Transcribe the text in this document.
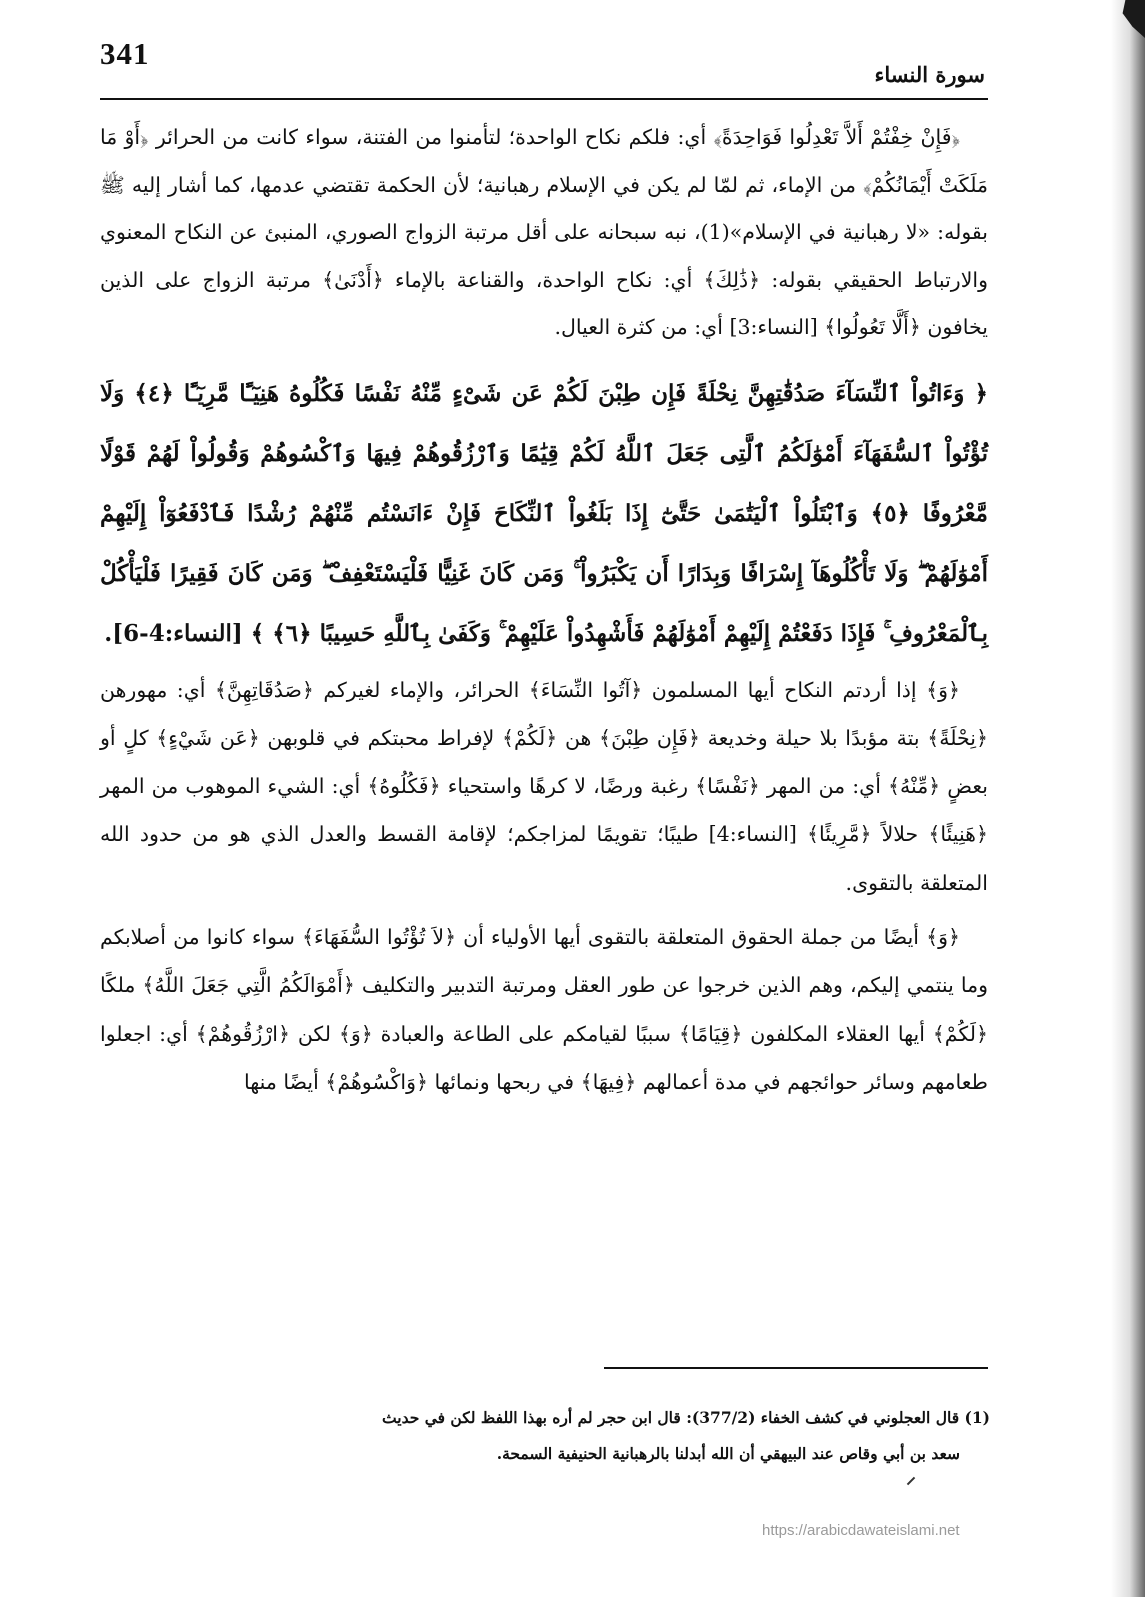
341
سورة النساء

﴿فَإِنْ خِفْتُمْ أَلاَّ تَعْدِلُوا فَوَاحِدَةً﴾ أي: فلكم نكاح الواحدة؛ لتأمنوا من الفتنة، سواء كانت من الحرائر ﴿أَوْ مَا مَلَكَتْ أَيْمَانُكُمْ﴾ من الإماء، ثم لمّا لم يكن في الإسلام رهبانية؛ لأن الحكمة تقتضي عدمها، كما أشار إليه ﷺ بقوله: «لا رهبانية في الإسلام»(1)، نبه سبحانه على أقل مرتبة الزواج الصوري، المنبئ عن النكاح المعنوي والارتباط الحقيقي بقوله: ﴿ذَٰلِكَ﴾ أي: نكاح الواحدة، والقناعة بالإماء ﴿أَدْنَىٰ﴾ مرتبة الزواج على الذين يخافون ﴿أَلَّا تَعُولُوا﴾ [النساء:3] أي: من كثرة العيال.

﴿ وَءَاتُواْ ٱلنِّسَآءَ صَدُقَٰتِهِنَّ نِحْلَةً فَإِن طِبْنَ لَكُمْ عَن شَىْءٍ مِّنْهُ نَفْسًا فَكُلُوهُ هَنِيٓـًٔا مَّرِيٓـًٔا ﴿٤﴾ وَلَا تُؤْتُواْ ٱلسُّفَهَآءَ أَمْوَٰلَكُمُ ٱلَّتِى جَعَلَ ٱللَّهُ لَكُمْ قِيَٰمًا وَٱرْزُقُوهُمْ فِيهَا وَٱكْسُوهُمْ وَقُولُواْ لَهُمْ قَوْلًا مَّعْرُوفًا ﴿٥﴾ وَٱبْتَلُواْ ٱلْيَتَٰمَىٰ حَتَّىٰٓ إِذَا بَلَغُواْ ٱلنِّكَاحَ فَإِنْ ءَانَسْتُم مِّنْهُمْ رُشْدًا فَٱدْفَعُوٓاْ إِلَيْهِمْ أَمْوَٰلَهُمْ ۖ وَلَا تَأْكُلُوهَآ إِسْرَافًا وَبِدَارًا أَن يَكْبَرُواْ ۚ وَمَن كَانَ غَنِيًّا فَلْيَسْتَعْفِفْ ۖ وَمَن كَانَ فَقِيرًا فَلْيَأْكُلْ بِٱلْمَعْرُوفِ ۚ فَإِذَا دَفَعْتُمْ إِلَيْهِمْ أَمْوَٰلَهُمْ فَأَشْهِدُواْ عَلَيْهِمْ ۚ وَكَفَىٰ بِٱللَّهِ حَسِيبًا ﴿٦﴾ ﴾ [النساء:4-6].

﴿وَ﴾ إذا أردتم النكاح أيها المسلمون ﴿آتُوا النِّسَاءَ﴾ الحرائر، والإماء لغيركم ﴿صَدُقَاتِهِنَّ﴾ أي: مهورهن ﴿نِحْلَةً﴾ بتة مؤبدًا بلا حيلة وخديعة ﴿فَإِن طِبْنَ﴾ هن ﴿لَكُمْ﴾ لإفراط محبتكم في قلوبهن ﴿عَن شَيْءٍ﴾ كلٍ أو بعضٍ ﴿مِّنْهُ﴾ أي: من المهر ﴿نَفْسًا﴾ رغبة ورضًا، لا كرهًا واستحياء ﴿فَكُلُوهُ﴾ أي: الشيء الموهوب من المهر ﴿هَنِيئًا﴾ حلالاً ﴿مَّرِيئًا﴾ [النساء:4] طيبًا؛ تقويمًا لمزاجكم؛ لإقامة القسط والعدل الذي هو من حدود الله المتعلقة بالتقوى.

﴿وَ﴾ أيضًا من جملة الحقوق المتعلقة بالتقوى أيها الأولياء أن ﴿لاَ تُؤْتُوا السُّفَهَاءَ﴾ سواء كانوا من أصلابكم وما ينتمي إليكم، وهم الذين خرجوا عن طور العقل ومرتبة التدبير والتكليف ﴿أَمْوَالَكُمُ الَّتِي جَعَلَ اللَّهُ﴾ ملكًا ﴿لَكُمْ﴾ أيها العقلاء المكلفون ﴿قِيَامًا﴾ سببًا لقيامكم على الطاعة والعبادة ﴿وَ﴾ لكن ﴿ارْزُقُوهُمْ﴾ أي: اجعلوا طعامهم وسائر حوائجهم في مدة أعمالهم ﴿فِيهَا﴾ في ربحها ونمائها ﴿وَاكْسُوهُمْ﴾ أيضًا منها

(1) قال العجلوني في كشف الخفاء (377/2): قال ابن حجر لم أره بهذا اللفظ لكن في حديث
سعد بن أبي وقاص عند البيهقي أن الله أبدلنا بالرهبانية الحنيفية السمحة.
https://arabicdawateislami.net
